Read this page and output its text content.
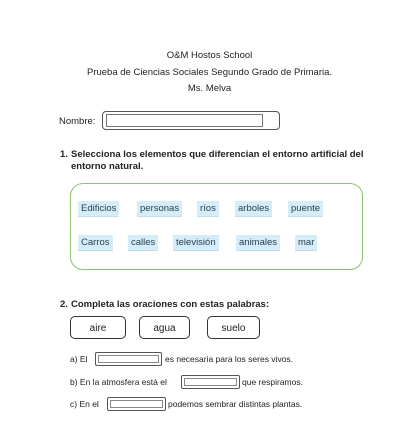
O&M Hostos School
Prueba de Ciencias Sociales Segundo Grado de Primaria.
Ms. Melva
Nombre:
1. Selecciona los elementos que diferencian el entorno artificial del entorno natural.
Edificios	personas	ríos	arboles	puente
Carros	calles	televisión	animales	mar
2. Completa las oraciones con estas palabras:
aire	agua	suelo
a) El	es necesaria para los seres vivos.
b) En la atmosfera está el	que respiramos.
c) En el	podemos sembrar distintas plantas.
